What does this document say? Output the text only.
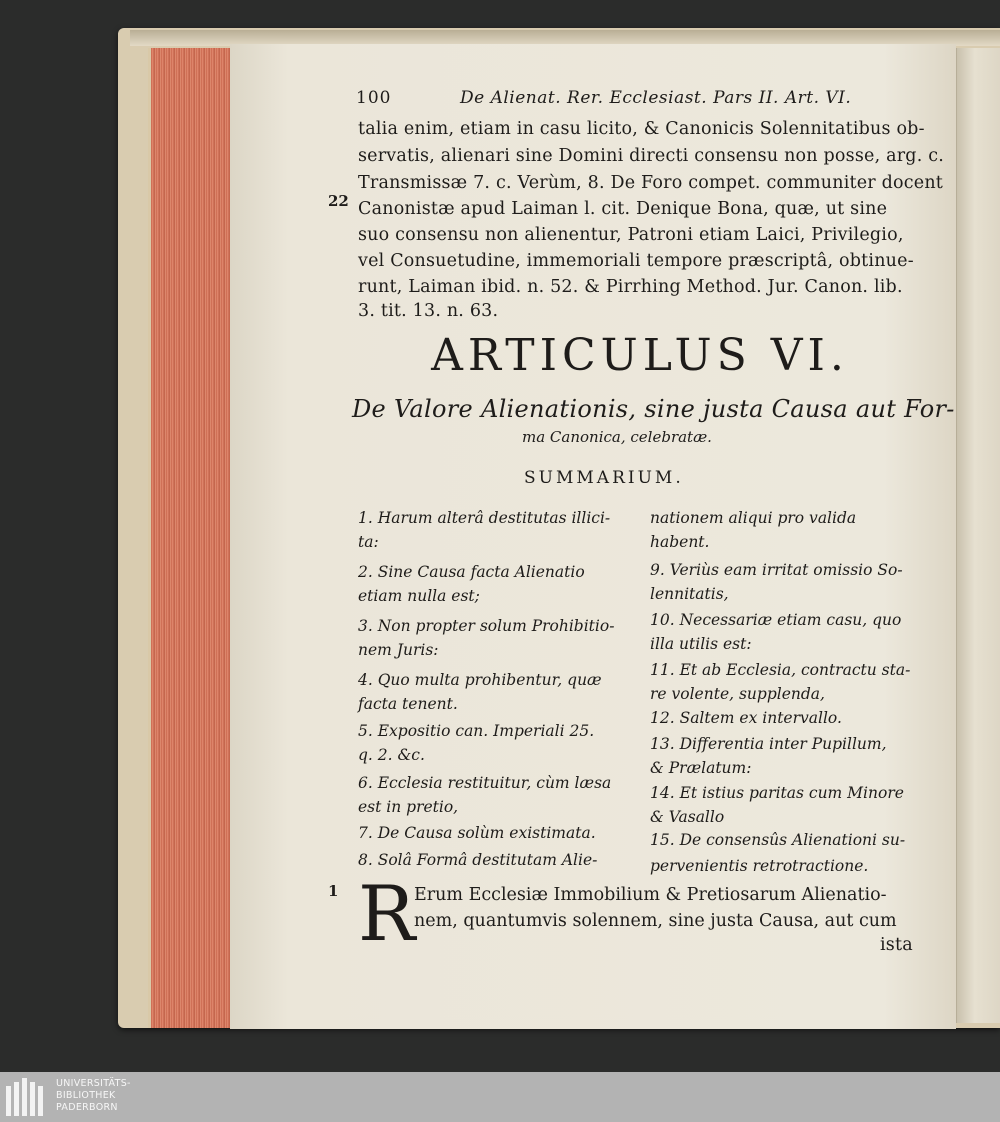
100	De Alienat. Rer. Ecclesiast. Pars II. Art. VI.
talia enim, etiam in casu licito, & Canonicis Solennitatibus ob-
servatis, alienari sine Domini directi consensu non posse, arg. c.
Transmissæ 7. c. Verùm, 8. De Foro compet. communiter docent
Canonistæ apud Laiman l. cit. Denique Bona, quæ, ut sine
suo consensu non alienentur, Patroni etiam Laici, Privilegio,
vel Consuetudine, immemoriali tempore præscriptâ, obtinue-
runt, Laiman ibid. n. 52. & Pirrhing Method. Jur. Canon. lib.
3. tit. 13. n. 63.
22
ARTICULUS VI.
De Valore Alienationis, sine justa Causa aut For-
ma Canonica, celebratæ.
SUMMARIUM.
1. Harum alterâ destitutas illici-
ta:
2. Sine Causa facta Alienatio
etiam nulla est;
3. Non propter solum Prohibitio-
nem Juris:
4. Quo multa prohibentur, quæ
facta tenent.
5. Expositio can. Imperiali 25.
q. 2. &c.
6. Ecclesia restituitur, cùm læsa
est in pretio,
7. De Causa solùm existimata.
8. Solâ Formâ destitutam Alie-
nationem aliqui pro valida
habent.
9. Veriùs eam irritat omissio So-
lennitatis,
10. Necessariæ etiam casu, quo
illa utilis est:
11. Et ab Ecclesia, contractu sta-
re volente, supplenda,
12. Saltem ex intervallo.
13. Differentia inter Pupillum,
& Prælatum:
14. Et istius paritas cum Minore
& Vasallo
15. De consensûs Alienationi su-
pervenientis retrotractione.
1 R
Erum Ecclesiæ Immobilium & Pretiosarum Alienatio-
nem, quantumvis solennem, sine justa Causa, aut cum
ista
UNIVERSITÄTS-
BIBLIOTHEK
PADERBORN
